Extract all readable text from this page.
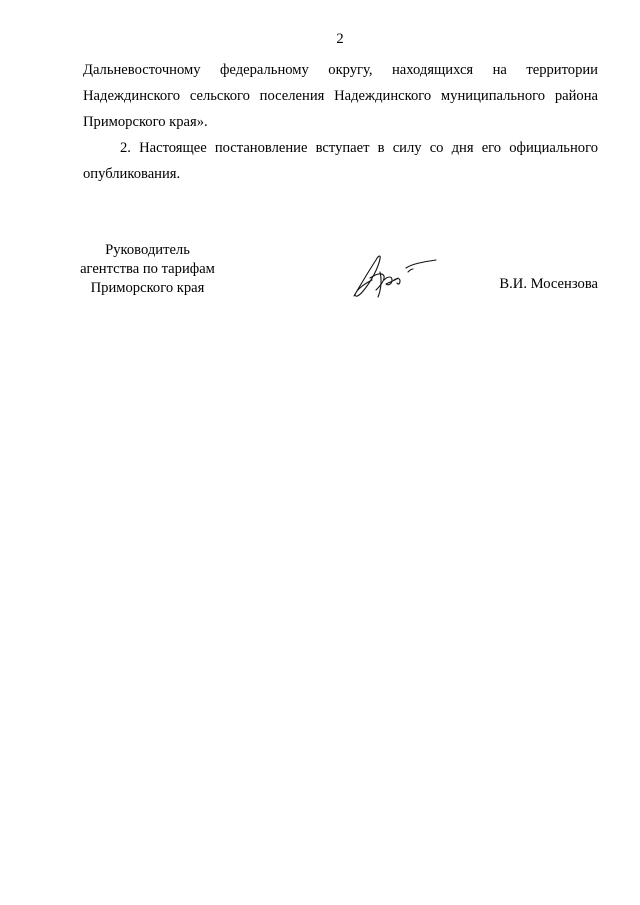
2

Дальневосточному федеральному округу, находящихся на территории
Надеждинского сельского поселения Надеждинского муниципального района
Приморского края».

2. Настоящее постановление вступает в силу со дня его официального
опубликования.

Руководитель
агентства по тарифам
Приморского края	В.И. Мосензова
